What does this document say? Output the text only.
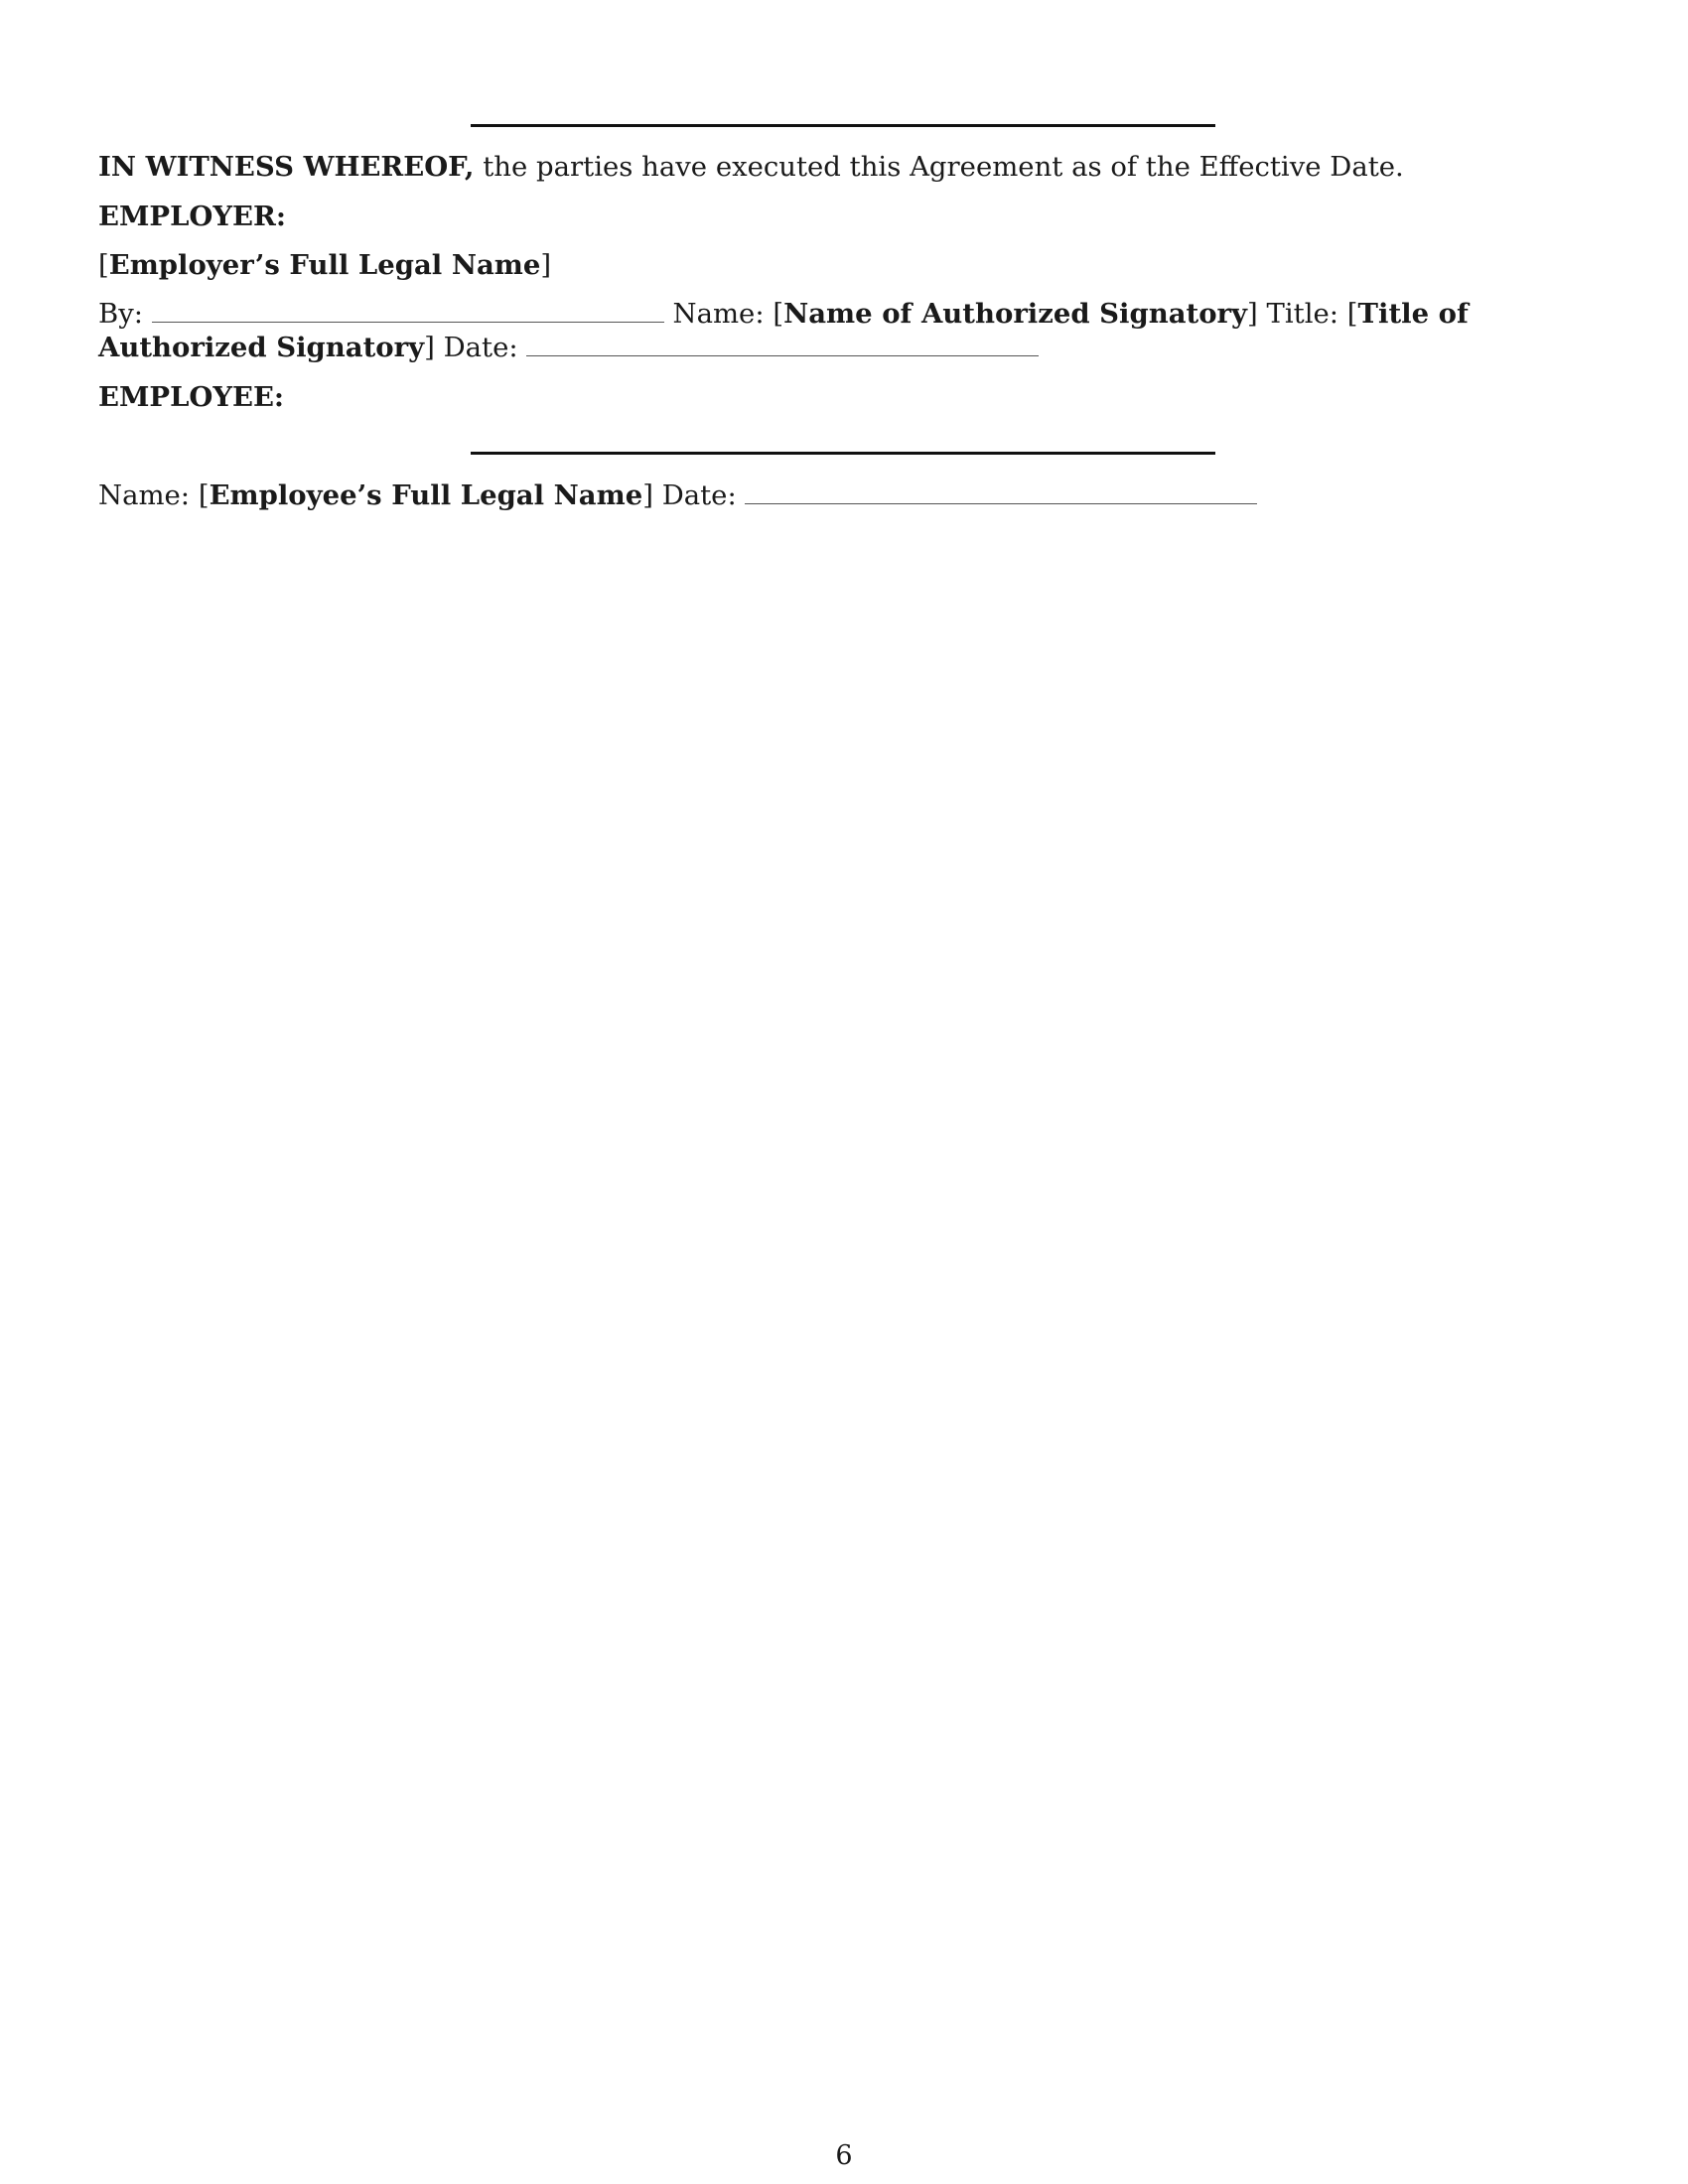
IN WITNESS WHEREOF, the parties have executed this Agreement as of the Effective Date.
EMPLOYER:
[Employer’s Full Legal Name]
By:	Name: [Name of Authorized Signatory] Title: [Title of Authorized Signatory] Date:
EMPLOYEE:
Name: [Employee’s Full Legal Name] Date:
6
